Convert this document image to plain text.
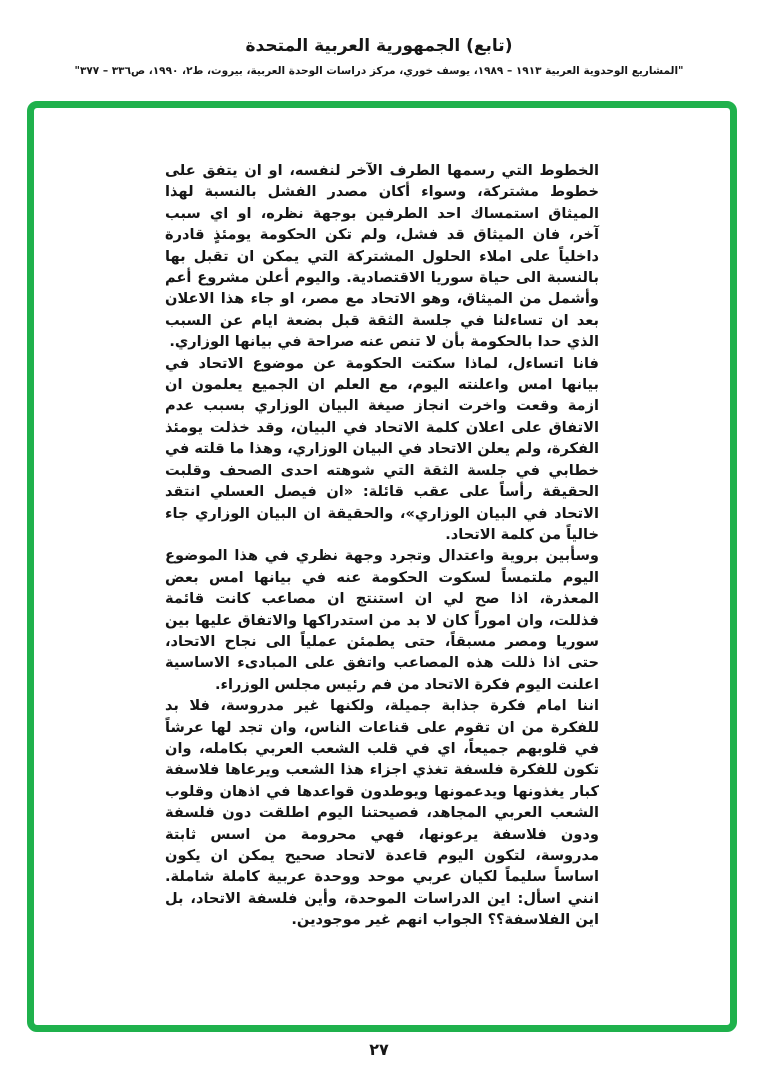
(تابع) الجمهورية العربية المتحدة
"المشاريع الوحدوية العربية ١٩١٣ – ١٩٨٩، يوسف خوري، مركز دراسات الوحدة العربية، بيروت، ط٢، ١٩٩٠، ص٣٣٦ – ٣٧٧"

الخطوط التي رسمها الطرف الآخر لنفسه، او ان يتفق على خطوط مشتركة، وسواء أكان مصدر الفشل بالنسبة لهذا الميثاق استمساك احد الطرفين بوجهة نظره، او اي سبب آخر، فان الميثاق قد فشل، ولم تكن الحكومة يومئذٍ قادرة داخلياً على املاء الحلول المشتركة التي يمكن ان تقبل بها بالنسبة الى حياة سوريا الاقتصادية. واليوم أعلن مشروع أعم وأشمل من الميثاق، وهو الاتحاد مع مصر، او جاء هذا الاعلان بعد ان تساءلنا في جلسة الثقة قبل بضعة ايام عن السبب الذي حدا بالحكومة بأن لا تنص عنه صراحة في بيانها الوزاري.

فانا اتساءل، لماذا سكتت الحكومة عن موضوع الاتحاد في بيانها امس واعلنته اليوم، مع العلم ان الجميع يعلمون ان ازمة وقعت واخرت انجاز صيغة البيان الوزاري بسبب عدم الاتفاق على اعلان كلمة الاتحاد في البيان، وقد خذلت يومئذ الفكرة، ولم يعلن الاتحاد في البيان الوزاري، وهذا ما قلته في خطابي في جلسة الثقة التي شوهته احدى الصحف وقلبت الحقيقة رأساً على عقب قائلة: «ان فيصل العسلي انتقد الاتحاد في البيان الوزاري»، والحقيقة ان البيان الوزاري جاء خالياً من كلمة الاتحاد.

وسأبين بروية واعتدال وتجرد وجهة نظري في هذا الموضوع اليوم ملتمساً لسكوت الحكومة عنه في بيانها امس بعض المعذرة، اذا صح لي ان استنتج ان مصاعب كانت قائمة فذللت، وان اموراً كان لا بد من استدراكها والاتفاق عليها بين سوريا ومصر مسبقاً، حتى يطمئن عملياً الى نجاح الاتحاد، حتى اذا ذللت هذه المصاعب واتفق على المبادىء الاساسية اعلنت اليوم فكرة الاتحاد من فم رئيس مجلس الوزراء.

اننا امام فكرة جذابة جميلة، ولكنها غير مدروسة، فلا بد للفكرة من ان تقوم على قناعات الناس، وان تجد لها عرشاً في قلوبهم جميعاً، اي في قلب الشعب العربي بكامله، وان تكون للفكرة فلسفة تغذي اجزاء هذا الشعب ويرعاها فلاسفة كبار يغذونها ويدعمونها ويوطدون قواعدها في اذهان وقلوب الشعب العربي المجاهد، فصيحتنا اليوم اطلقت دون فلسفة ودون فلاسفة يرعونها، فهي محرومة من اسس ثابتة مدروسة، لتكون اليوم قاعدة لاتحاد صحيح يمكن ان يكون اساساً سليماً لكيان عربي موحد ووحدة عربية كاملة شاملة. انني اسأل: اين الدراسات الموحدة، وأين فلسفة الاتحاد، بل اين الفلاسفة؟؟ الجواب انهم غير موجودين.

٢٧
